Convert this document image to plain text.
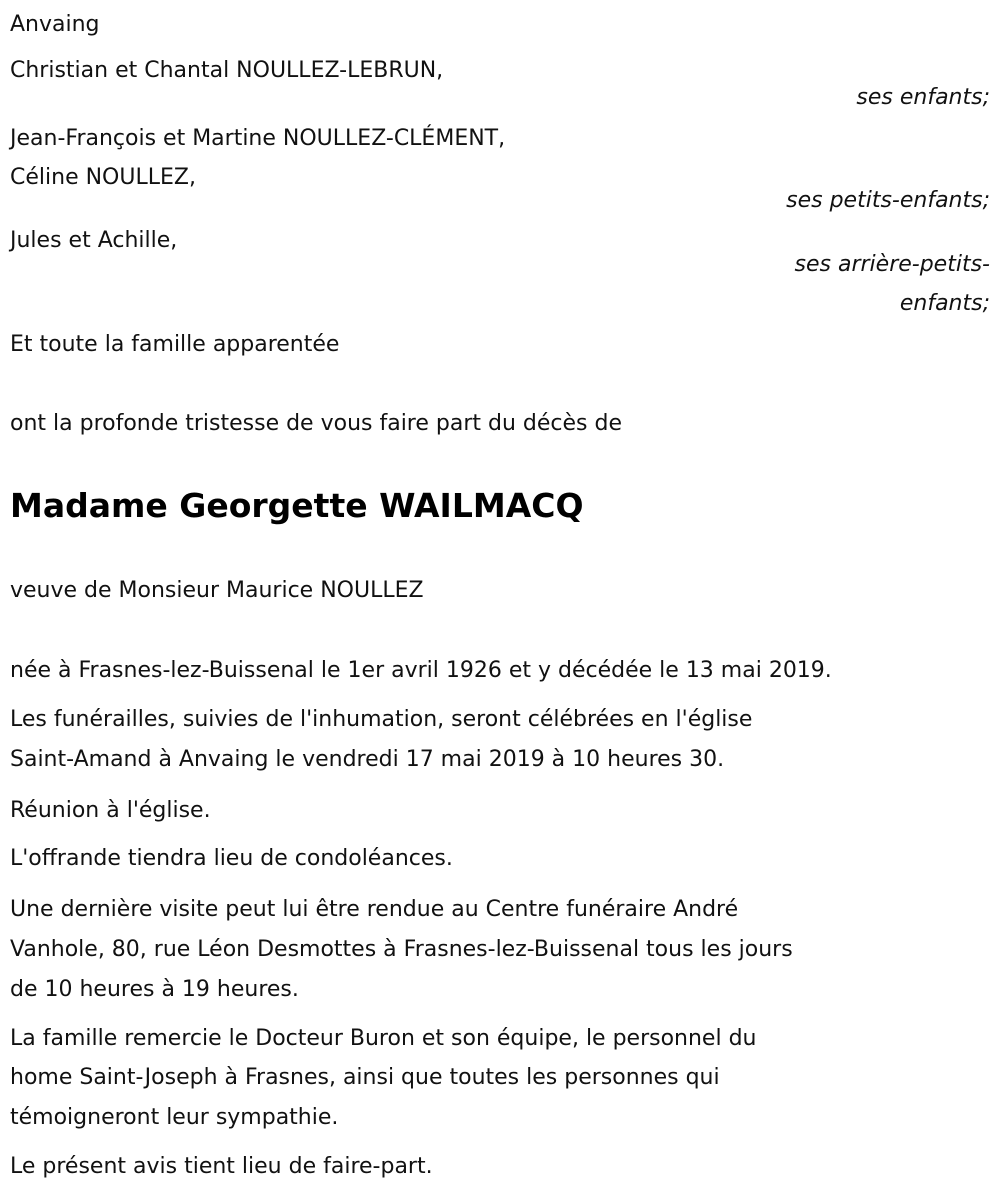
Anvaing
Christian et Chantal NOULLEZ-LEBRUN,
ses enfants;
Jean-François et Martine NOULLEZ-CLÉMENT,
Céline NOULLEZ,
ses petits-enfants;
Jules et Achille,
ses arrière-petits-
enfants;
Et toute la famille apparentée
ont la profonde tristesse de vous faire part du décès de
Madame Georgette WAILMACQ
veuve de Monsieur Maurice NOULLEZ
née à Frasnes-lez-Buissenal le 1er avril 1926 et y décédée le 13 mai 2019.
Les funérailles, suivies de l'inhumation, seront célébrées en l'église
Saint-Amand à Anvaing le vendredi 17 mai 2019 à 10 heures 30.
Réunion à l'église.
L'offrande tiendra lieu de condoléances.
Une dernière visite peut lui être rendue au Centre funéraire André
Vanhole, 80, rue Léon Desmottes à Frasnes-lez-Buissenal tous les jours
de 10 heures à 19 heures.
La famille remercie le Docteur Buron et son équipe, le personnel du
home Saint-Joseph à Frasnes, ainsi que toutes les personnes qui
témoigneront leur sympathie.
Le présent avis tient lieu de faire-part.
